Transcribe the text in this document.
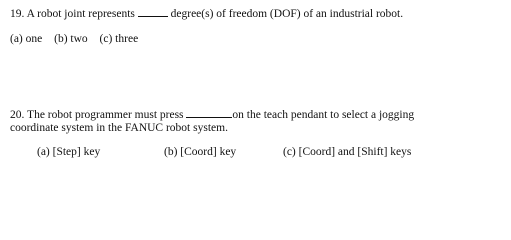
19. A robot joint represents	degree(s) of freedom (DOF) of an industrial robot.
(a) one (b) two (c) three
20. The robot programmer must press	on the teach pendant to select a jogging
coordinate system in the FANUC robot system.
(a) [Step] key	(b) [Coord] key	(c) [Coord] and [Shift] keys
